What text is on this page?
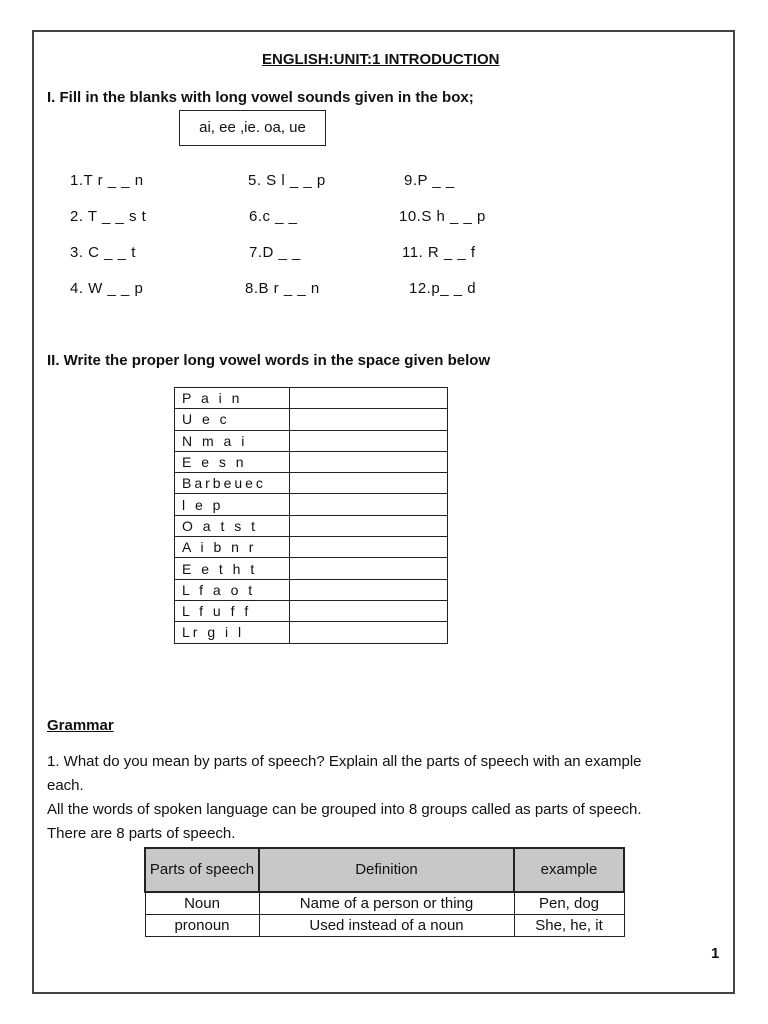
ENGLISH:UNIT:1 INTRODUCTION
I. Fill in the blanks with long vowel sounds given in the box;
ai, ee ,ie. oa, ue
1.T r _ _ n
2. T _ _ s t
3. C _ _ t
4. W _ _ p
5. S l _ _ p
6.c _ _
7.D _ _
8.B r _ _ n
9.P _ _
10.S h _ _ p
11. R _ _ f
12.p_ _ d
II. Write the proper long vowel words in the space given below
P a i n	
U e c	
N m a i	
E e s n	
Barbeuec	
l e p	
O a t s t	
A i b n r	
E e t h t	
L f a o t	
L f u f f	
Lr g i l	
Grammar
1. What do you mean by parts of speech? Explain all the parts of speech with an example
each.
All the words of spoken language can be grouped into 8 groups called as parts of speech.
There are 8 parts of speech.
Parts of speech	Definition	example
Noun	Name of a person or thing	Pen, dog
pronoun	Used instead of a noun	She, he, it
1
